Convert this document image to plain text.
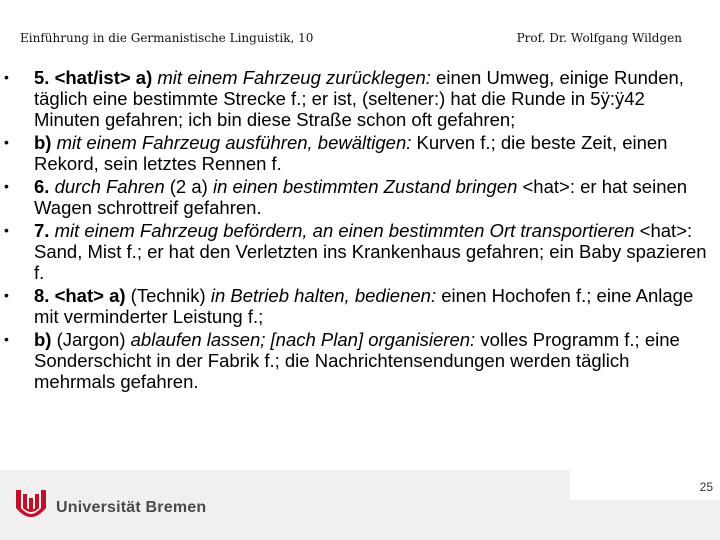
Einführung in die Germanistische Linguistik, 10	Prof. Dr. Wolfgang Wildgen
• 5. <hat/ist> a) mit einem Fahrzeug zurücklegen: einen Umweg, einige Runden, täglich eine bestimmte Strecke f.; er ist, (seltener:) hat die Runde in 5ÿ:ÿ42 Minuten gefahren; ich bin diese Straße schon oft gefahren;
• b) mit einem Fahrzeug ausführen, bewältigen: Kurven f.; die beste Zeit, einen Rekord, sein letztes Rennen f.
• 6. durch Fahren (2 a) in einen bestimmten Zustand bringen <hat>: er hat seinen Wagen schrottreif gefahren.
• 7. mit einem Fahrzeug befördern, an einen bestimmten Ort transportieren <hat>: Sand, Mist f.; er hat den Verletzten ins Krankenhaus gefahren; ein Baby spazieren f.
• 8. <hat> a) (Technik) in Betrieb halten, bedienen: einen Hochofen f.; eine Anlage mit verminderter Leistung f.;
• b) (Jargon) ablaufen lassen; [nach Plan] organisieren: volles Programm f.; eine Sonderschicht in der Fabrik f.; die Nachrichtensendungen werden täglich mehrmals gefahren.
25
Universität Bremen
